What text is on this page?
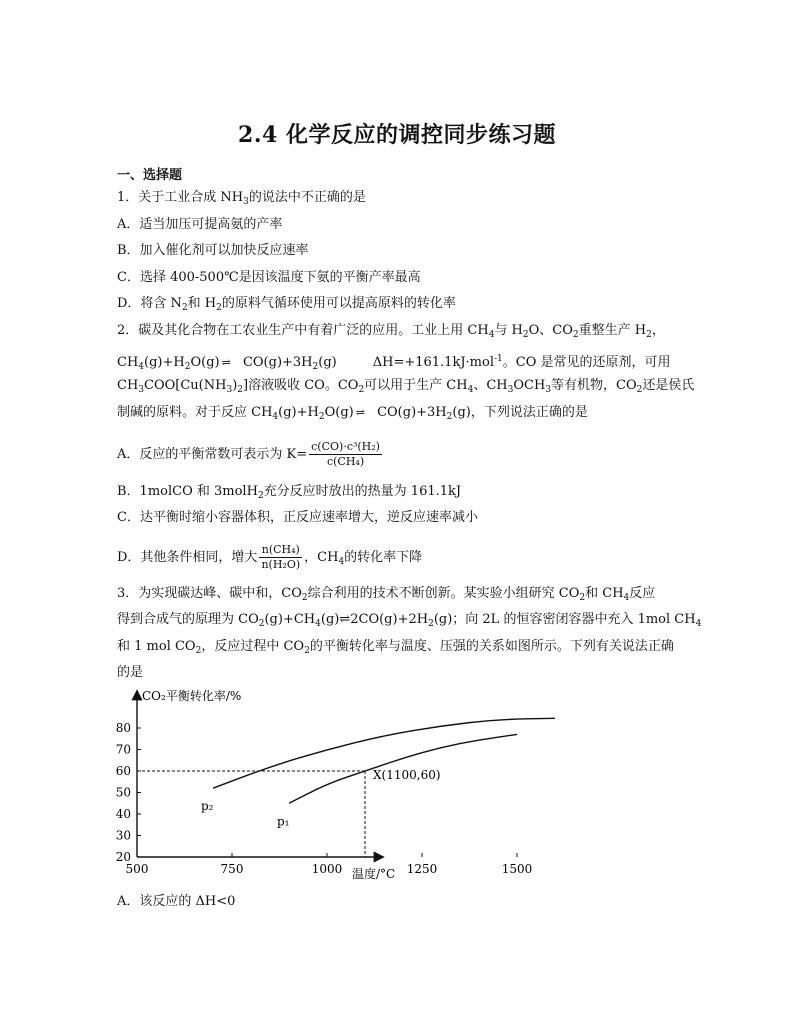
2.4 化学反应的调控同步练习题
一、选择题
1．关于工业合成 $NH_3$的说法中不正确的是
A．适当加压可提高氨的产率
B．加入催化剂可以加快反应速率
C．选择 400-500℃是因该温度下氨的平衡产率最高
D．将含 $N_2$和 $H_2$的原料气循环使用可以提高原料的转化率
2．碳及其化合物在工农业生产中有着广泛的应用。工业上用 $CH_4$与 $H_2O$、$CO_2$重整生产 $H_2$，
$CH_4(g)+H_2O(g)$ ⇌ $CO(g)+3H_2(g)$	ΔH=+161.1kJ·mol$^{-1}$。CO 是常见的还原剂，可用
$CH_3COO[Cu(NH_3)_2]$溶液吸收 CO。$CO_2$可以用于生产 $CH_4$、$CH_3OCH_3$等有机物，$CO_2$还是侯氏
制碱的原料。对于反应 $CH_4(g)+H_2O(g)$ ⇌ $CO(g)+3H_2(g)$，下列说法正确的是
A．反应的平衡常数可表示为 $K= \frac{\text{c(CO)·c³(H₂)}}{\text{c(CH₄)}}$
B．1molCO 和 3molH$_2$充分反应时放出的热量为 161.1kJ
C．达平衡时缩小容器体积，正反应速率增大，逆反应速率减小
D．其他条件相同，增大 $\frac{\text{n(CH₄)}}{\text{n(H₂O)}}$ ，$CH_4$的转化率下降
3．为实现碳达峰、碳中和，$CO_2$综合利用的技术不断创新。某实验小组研究 $CO_2$和 $CH_4$反应
得到合成气的原理为 $CO_2(g)+CH_4(g)\rightleftharpoons 2CO(g)+2H_2(g)$；向 2L 的恒容密闭容器中充入 1mol $CH_4$
和 1 mol $CO_2$，反应过程中 $CO_2$的平衡转化率与温度、压强的关系如图所示。下列有关说法正确
的是
20
30
40
50
60
70
80
500	750	1000	1250	1500
p₂
p₁
X(1100,60)
CO₂平衡转化率/%
温度/°C
A．该反应的 ΔH<0
